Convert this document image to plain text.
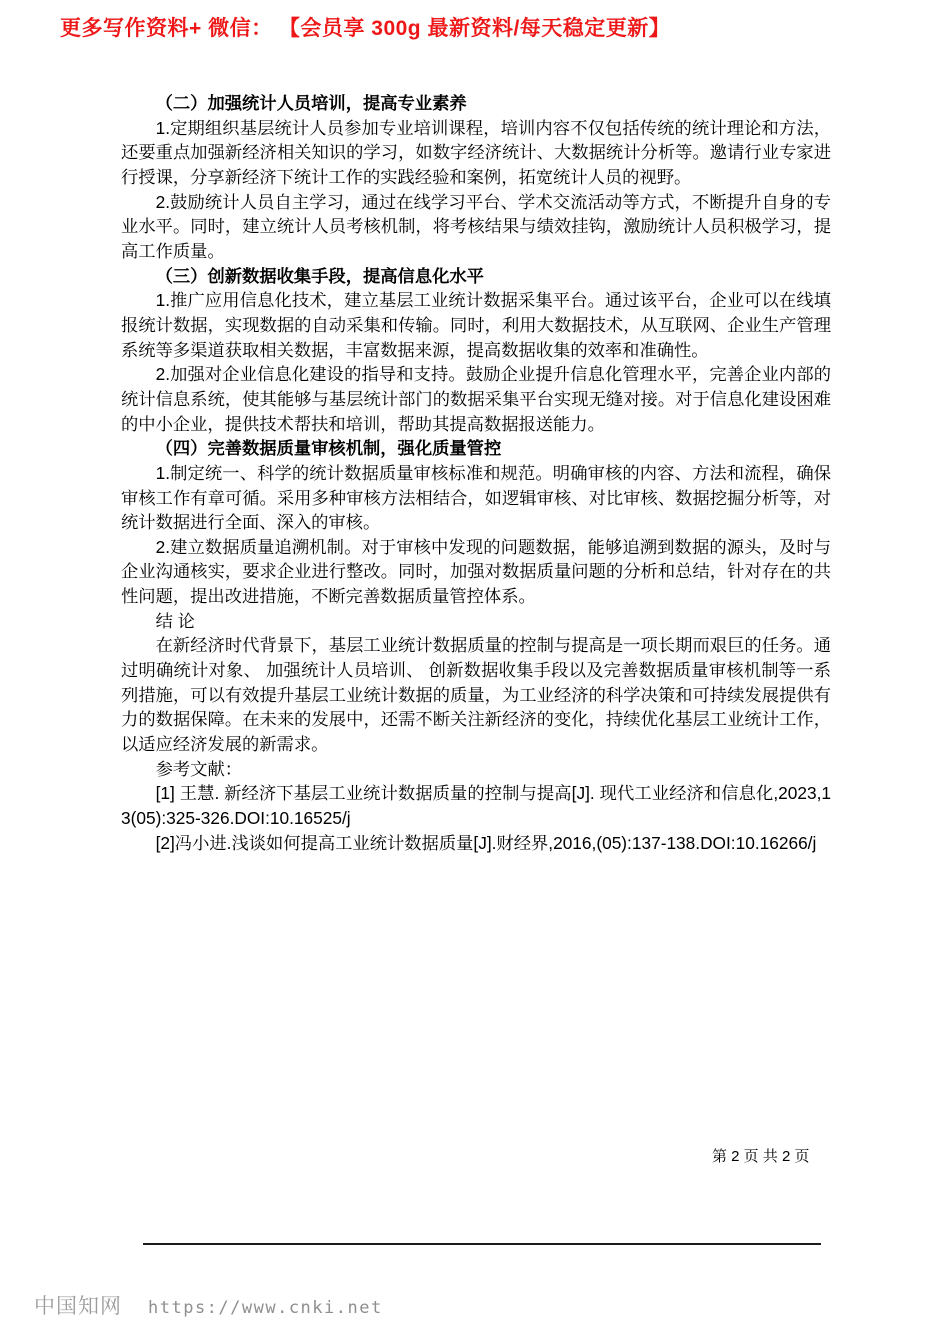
更多写作资料+ 微信： 【会员享 300g 最新资料/每天稳定更新】

（二）加强统计人员培训，提高专业素养

1.定期组织基层统计人员参加专业培训课程，培训内容不仅包括传统的统计理论和方法，还要重点加强新经济相关知识的学习，如数字经济统计、大数据统计分析等。邀请行业专家进行授课，分享新经济下统计工作的实践经验和案例，拓宽统计人员的视野。

2.鼓励统计人员自主学习，通过在线学习平台、学术交流活动等方式，不断提升自身的专业水平。同时，建立统计人员考核机制，将考核结果与绩效挂钩，激励统计人员积极学习，提高工作质量。

（三）创新数据收集手段，提高信息化水平

1.推广应用信息化技术，建立基层工业统计数据采集平台。通过该平台，企业可以在线填报统计数据，实现数据的自动采集和传输。同时，利用大数据技术，从互联网、企业生产管理系统等多渠道获取相关数据，丰富数据来源，提高数据收集的效率和准确性。

2.加强对企业信息化建设的指导和支持。鼓励企业提升信息化管理水平，完善企业内部的统计信息系统，使其能够与基层统计部门的数据采集平台实现无缝对接。对于信息化建设困难的中小企业，提供技术帮扶和培训，帮助其提高数据报送能力。

（四）完善数据质量审核机制，强化质量管控

1.制定统一、科学的统计数据质量审核标准和规范。明确审核的内容、方法和流程，确保审核工作有章可循。采用多种审核方法相结合，如逻辑审核、对比审核、数据挖掘分析等，对统计数据进行全面、深入的审核。

2.建立数据质量追溯机制。对于审核中发现的问题数据，能够追溯到数据的源头，及时与企业沟通核实，要求企业进行整改。同时，加强对数据质量问题的分析和总结，针对存在的共性问题，提出改进措施，不断完善数据质量管控体系。

结 论

在新经济时代背景下，基层工业统计数据质量的控制与提高是一项长期而艰巨的任务。通过明确统计对象、 加强统计人员培训、 创新数据收集手段以及完善数据质量审核机制等一系列措施，可以有效提升基层工业统计数据的质量，为工业经济的科学决策和可持续发展提供有力的数据保障。在未来的发展中，还需不断关注新经济的变化，持续优化基层工业统计工作，以适应经济发展的新需求。

参考文献：

[1] 王慧. 新经济下基层工业统计数据质量的控制与提高[J]. 现代工业经济和信息化,2023,13(05):325-326.DOI:10.16525/j

[2]冯小进.浅谈如何提高工业统计数据质量[J].财经界,2016,(05):137-138.DOI:10.16266/j

第 2 页 共 2 页
中国知网 https://www.cnki.net
